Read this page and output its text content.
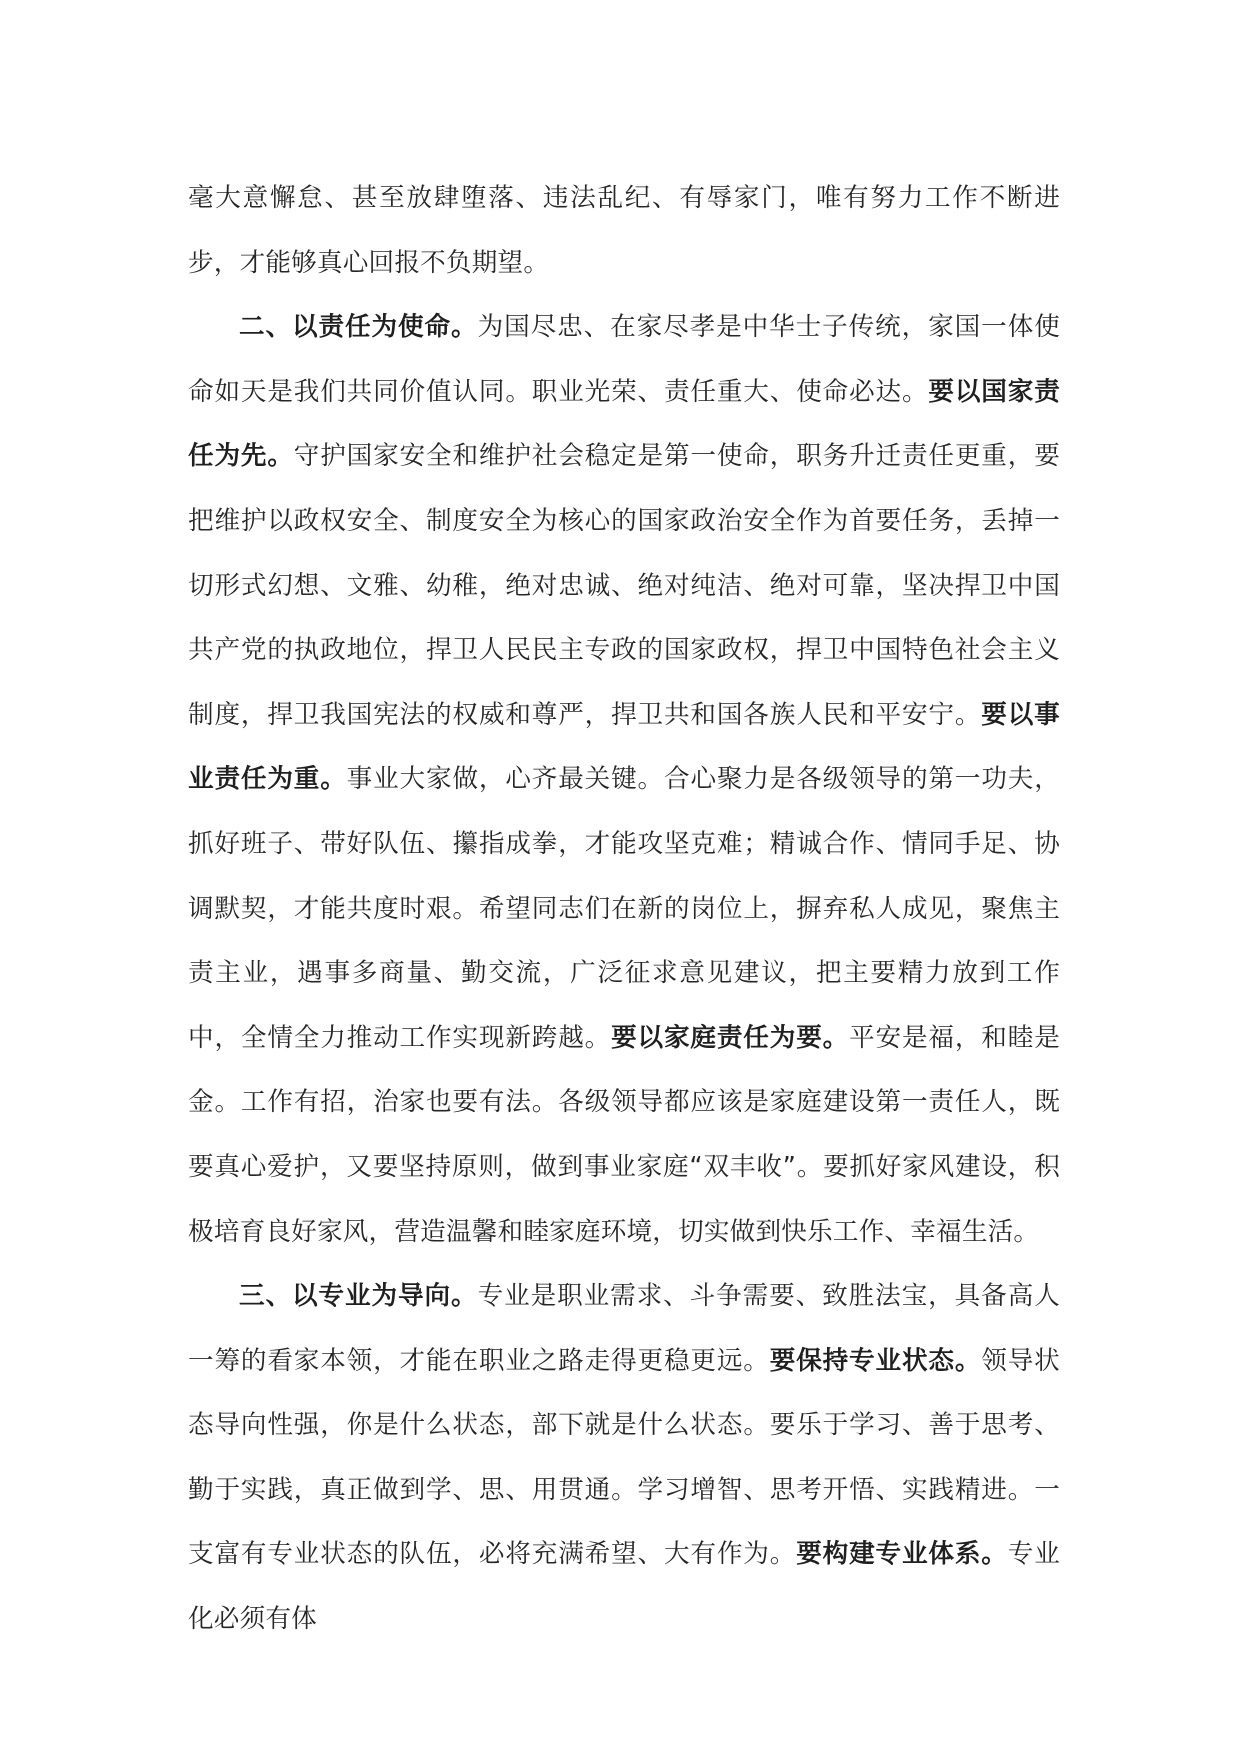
毫大意懈怠、甚至放肆堕落、违法乱纪、有辱家门，唯有努力工作不断进步，才能够真心回报不负期望。

二、以责任为使命。为国尽忠、在家尽孝是中华士子传统，家国一体使命如天是我们共同价值认同。职业光荣、责任重大、使命必达。要以国家责任为先。守护国家安全和维护社会稳定是第一使命，职务升迁责任更重，要把维护以政权安全、制度安全为核心的国家政治安全作为首要任务，丢掉一切形式幻想、文雅、幼稚，绝对忠诚、绝对纯洁、绝对可靠，坚决捍卫中国共产党的执政地位，捍卫人民民主专政的国家政权，捍卫中国特色社会主义制度，捍卫我国宪法的权威和尊严，捍卫共和国各族人民和平安宁。要以事业责任为重。事业大家做，心齐最关键。合心聚力是各级领导的第一功夫，抓好班子、带好队伍、攥指成拳，才能攻坚克难；精诚合作、情同手足、协调默契，才能共度时艰。希望同志们在新的岗位上，摒弃私人成见，聚焦主责主业，遇事多商量、勤交流，广泛征求意见建议，把主要精力放到工作中，全情全力推动工作实现新跨越。要以家庭责任为要。平安是福，和睦是金。工作有招，治家也要有法。各级领导都应该是家庭建设第一责任人，既要真心爱护，又要坚持原则，做到事业家庭“双丰收”。要抓好家风建设，积极培育良好家风，营造温馨和睦家庭环境，切实做到快乐工作、幸福生活。

三、以专业为导向。专业是职业需求、斗争需要、致胜法宝，具备高人一筹的看家本领，才能在职业之路走得更稳更远。要保持专业状态。领导状态导向性强，你是什么状态，部下就是什么状态。要乐于学习、善于思考、勤于实践，真正做到学、思、用贯通。学习增智、思考开悟、实践精进。一支富有专业状态的队伍，必将充满希望、大有作为。要构建专业体系。专业化必须有体
